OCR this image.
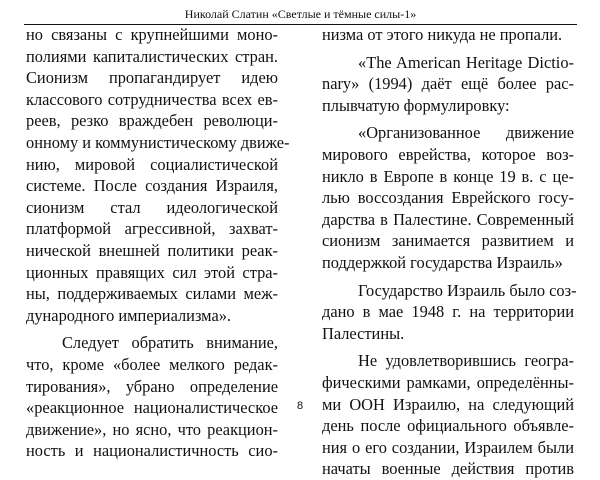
Николай Слатин «Светлые и тёмные силы-1»
но связаны с крупнейшими моно-
полиями капиталистических стран.
Сионизм пропагандирует идею
классового сотрудничества всех ев-
реев, резко враждебен революци-
онному и коммунистическому движе-
нию, мировой социалистической
системе. После создания Израиля,
сионизм стал идеологической
платформой агрессивной, захват-
нической внешней политики реак-
ционных правящих сил этой стра-
ны, поддерживаемых силами меж-
дународного империализма».
Следует обратить внимание,
что, кроме «более мелкого редак-
тирования», убрано определение
«реакционное националистическое
движение», но ясно, что реакцион-
ность и националистичность сио-
низма от этого никуда не пропали.
«The American Heritage Dictio-
nary» (1994) даёт ещё более рас-
плывчатую формулировку:
«Организованное движение
мирового еврейства, которое воз-
никло в Европе в конце 19 в. с це-
лью воссоздания Еврейского госу-
дарства в Палестине. Современный
сионизм занимается развитием и
поддержкой государства Израиль»
Государство Израиль было соз-
дано в мае 1948 г. на территории
Палестины.
Не удовлетворившись геогра-
фическими рамками, определённы-
ми ООН Израилю, на следующий
день после официального объявле-
ния о его создании, Израилем были
начаты военные действия против
8
